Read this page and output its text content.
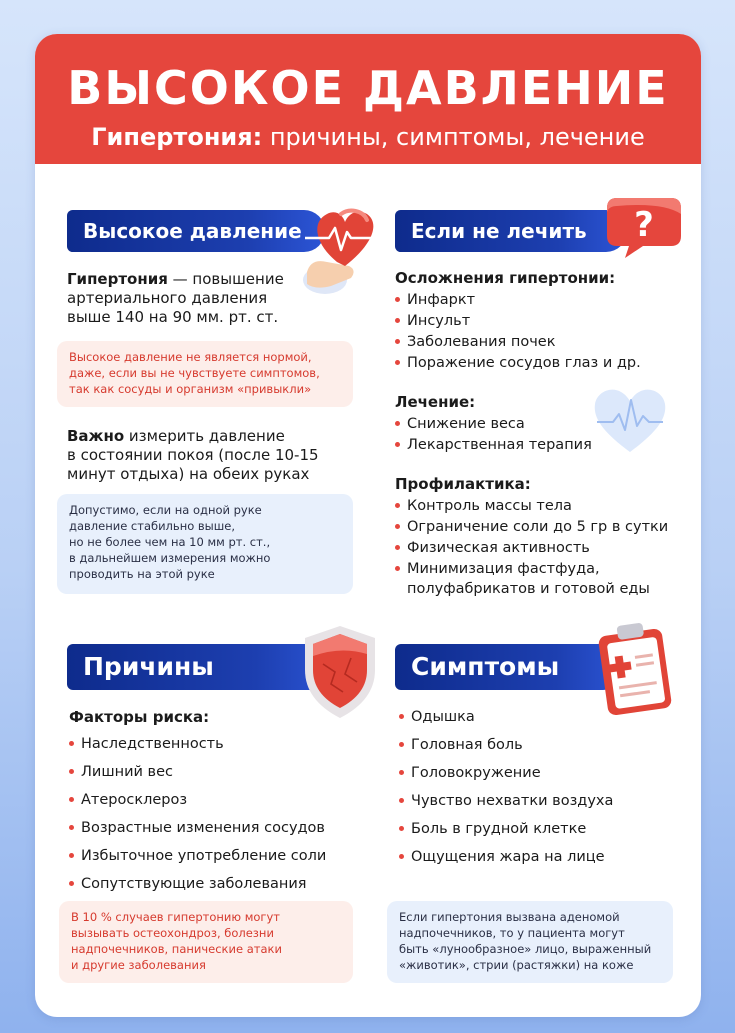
ВЫСОКОЕ ДАВЛЕНИЕ
Гипертония: причины, симптомы, лечение
Высокое давление
Гипертония — повышение
артериального давления
выше 140 на 90 мм. рт. ст.
Высокое давление не является нормой,
даже, если вы не чувствуете симптомов,
так как сосуды и организм «привыкли»
Важно измерить давление
в состоянии покоя (после 10-15
минут отдыха) на обеих руках
Допустимо, если на одной руке
давление стабильно выше,
но не более чем на 10 мм рт. ст.,
в дальнейшем измерения можно
проводить на этой руке
Если не лечить	?
Осложнения гипертонии:
Инфаркт
Инсульт
Заболевания почек
Поражение сосудов глаз и др.
Лечение:
Снижение веса
Лекарственная терапия
Профилактика:
Контроль массы тела
Ограничение соли до 5 гр в сутки
Физическая активность
Минимизация фастфуда,
полуфабрикатов и готовой еды
Причины
Факторы риска:
Наследственность
Лишний вес
Атеросклероз
Возрастные изменения сосудов
Избыточное употребление соли
Сопутствующие заболевания
В 10 % случаев гипертонию могут
вызывать остеохондроз, болезни
надпочечников, панические атаки
и другие заболевания
Симптомы
Одышка
Головная боль
Головокружение
Чувство нехватки воздуха
Боль в грудной клетке
Ощущения жара на лице
Если гипертония вызвана аденомой
надпочечников, то у пациента могут
быть «лунообразное» лицо, выраженный
«животик», стрии (растяжки) на коже
